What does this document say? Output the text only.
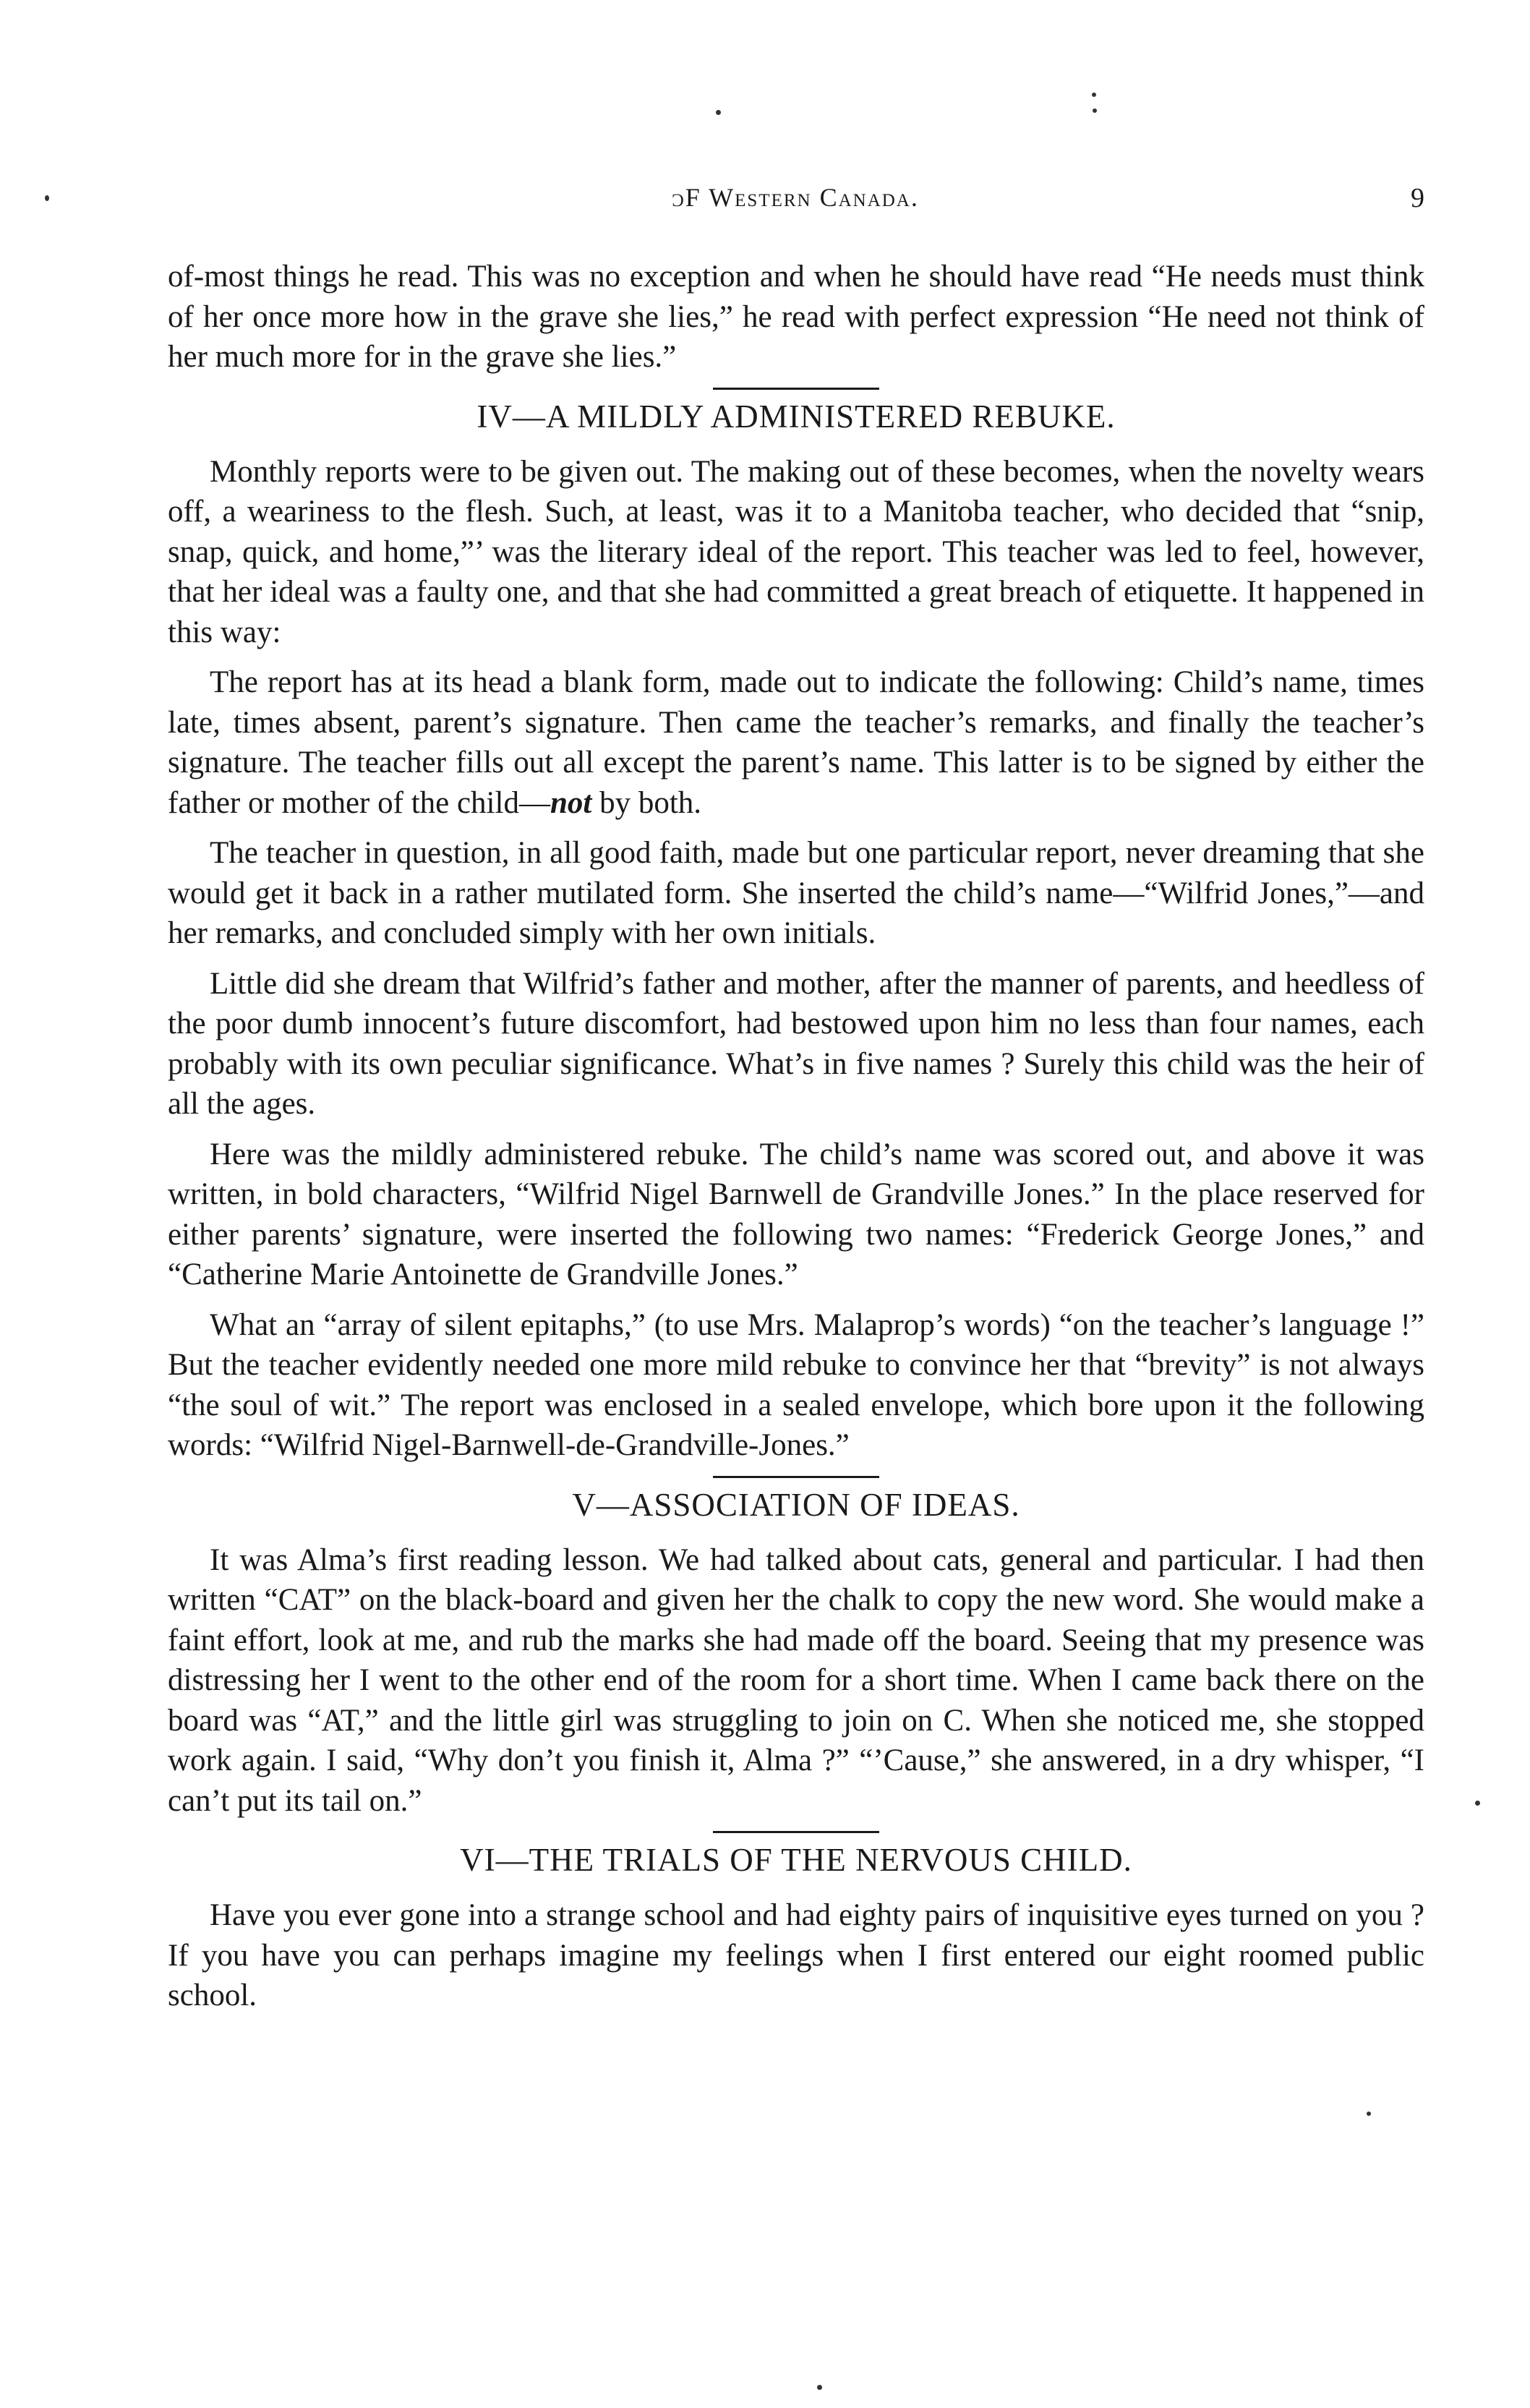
ɔF Western Canada.	9

of-most things he read. This was no exception and when he should have read “He needs must think of her once more how in the grave she lies,” he read with perfect expression “He need not think of her much more for in the grave she lies.”

IV—A MILDLY ADMINISTERED REBUKE.

Monthly reports were to be given out. The making out of these becomes, when the novelty wears off, a weariness to the flesh. Such, at least, was it to a Manitoba teacher, who decided that “snip, snap, quick, and home,”’ was the literary ideal of the report. This teacher was led to feel, however, that her ideal was a faulty one, and that she had committed a great breach of etiquette. It happened in this way:

The report has at its head a blank form, made out to indicate the following: Child’s name, times late, times absent, parent’s signature. Then came the teacher’s remarks, and finally the teacher’s signature. The teacher fills out all except the parent’s name. This latter is to be signed by either the father or mother of the child—not by both.

The teacher in question, in all good faith, made but one particular report, never dreaming that she would get it back in a rather mutilated form. She inserted the child’s name—“Wilfrid Jones,”—and her remarks, and concluded simply with her own initials.

Little did she dream that Wilfrid’s father and mother, after the manner of parents, and heedless of the poor dumb innocent’s future discomfort, had bestowed upon him no less than four names, each probably with its own peculiar significance. What’s in five names ? Surely this child was the heir of all the ages.

Here was the mildly administered rebuke. The child’s name was scored out, and above it was written, in bold characters, “Wilfrid Nigel Barnwell de Grandville Jones.” In the place reserved for either parents’ signature, were inserted the following two names: “Frederick George Jones,” and “Catherine Marie Antoinette de Grandville Jones.”

What an “array of silent epitaphs,” (to use Mrs. Malaprop’s words) “on the teacher’s language !” But the teacher evidently needed one more mild rebuke to convince her that “brevity” is not always “the soul of wit.” The report was enclosed in a sealed envelope, which bore upon it the following words: “Wilfrid Nigel-Barnwell-de-Grandville-Jones.”

V—ASSOCIATION OF IDEAS.

It was Alma’s first reading lesson. We had talked about cats, general and particular. I had then written “CAT” on the black-board and given her the chalk to copy the new word. She would make a faint effort, look at me, and rub the marks she had made off the board. Seeing that my presence was distressing her I went to the other end of the room for a short time. When I came back there on the board was “AT,” and the little girl was struggling to join on C. When she noticed me, she stopped work again. I said, “Why don’t you finish it, Alma ?” “’Cause,” she answered, in a dry whisper, “I can’t put its tail on.”

VI—THE TRIALS OF THE NERVOUS CHILD.

Have you ever gone into a strange school and had eighty pairs of inquisitive eyes turned on you ? If you have you can perhaps imagine my feelings when I first entered our eight roomed public school.
